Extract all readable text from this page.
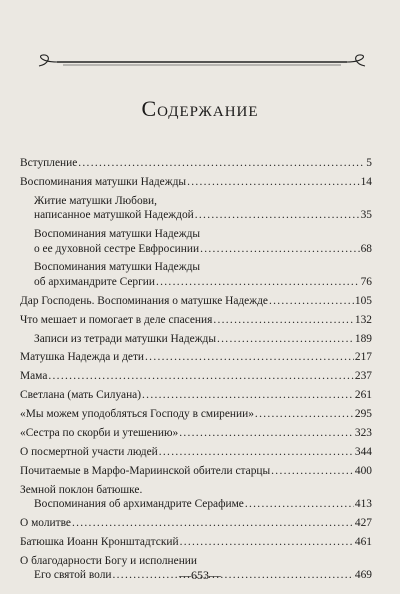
Содержание
Вступление .....	5
Воспоминания матушки Надежды .....	14
Житие матушки Любови,
написанное матушкой Надеждой .....	35
Воспоминания матушки Надежды
о ее духовной сестре Евфросинии .....	68
Воспоминания матушки Надежды
об архимандрите Сергии .....	76
Дар Господень. Воспоминания о матушке Надежде .....	105
Что мешает и помогает в деле спасения .....	132
Записи из тетради матушки Надежды .....	189
Матушка Надежда и дети .....	217
Мама .....	237
Светлана (мать Силуана) .....	261
«Мы можем уподобляться Господу в смирении» .....	295
«Сестра по скорби и утешению» .....	323
О посмертной участи людей .....	344
Почитаемые в Марфо-Мариинской обители старцы .....	400
Земной поклон батюшке.
Воспоминания об архимандрите Серафиме .....	413
О молитве .....	427
Батюшка Иоанн Кронштадтский .....	461
О благодарности Богу и исполнении
Его святой воли .....	469
—653—
